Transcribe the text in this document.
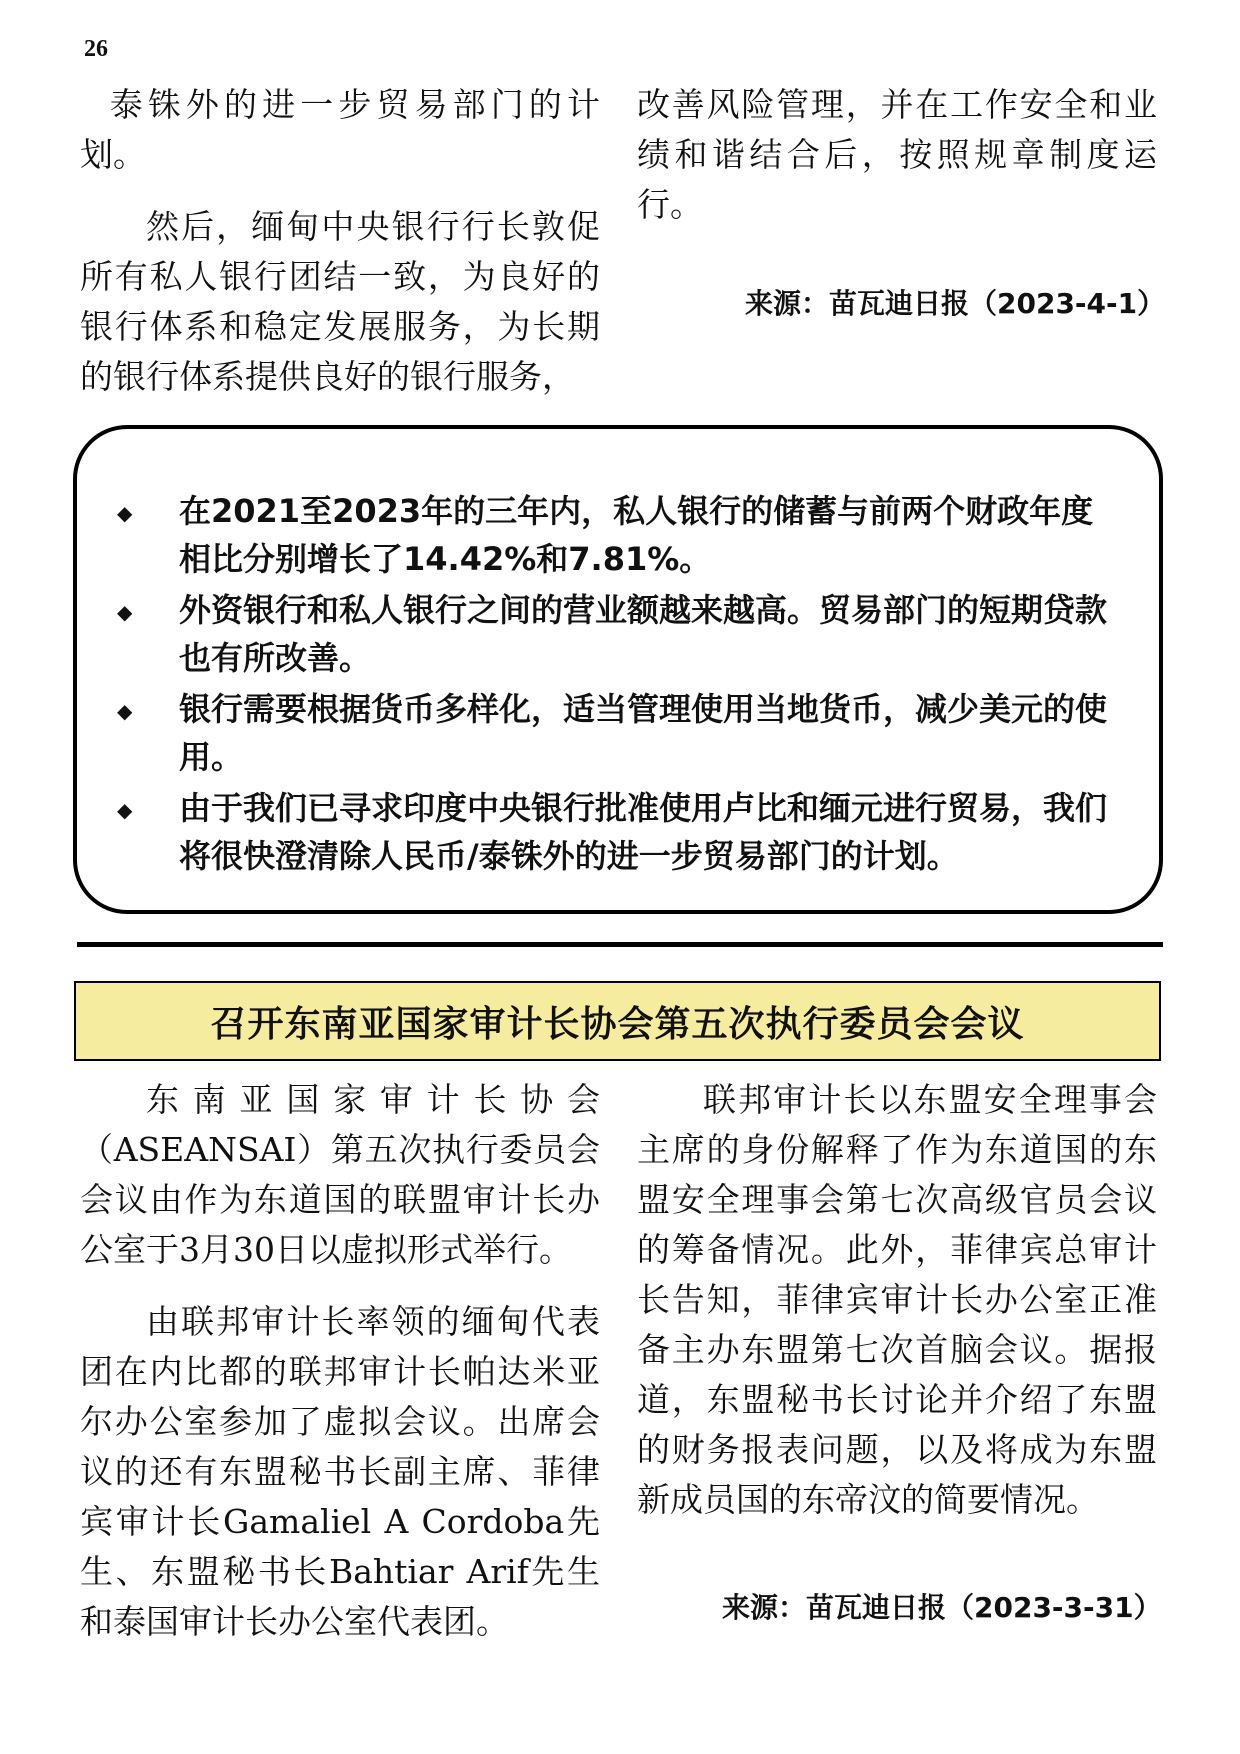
26

泰铢外的进一步贸易部门的计划。

然后，缅甸中央银行行长敦促所有私人银行团结一致，为良好的银行体系和稳定发展服务，为长期的银行体系提供良好的银行服务，

改善风险管理，并在工作安全和业绩和谐结合后，按照规章制度运行。

来源：苗瓦迪日报（2023-4-1）
◆ 在2021至2023年的三年内，私人银行的储蓄与前两个财政年度相比分别增长了14.42%和7.81%。
◆ 外资银行和私人银行之间的营业额越来越高。贸易部门的短期贷款也有所改善。
◆ 银行需要根据货币多样化，适当管理使用当地货币，减少美元的使用。
◆ 由于我们已寻求印度中央银行批准使用卢比和缅元进行贸易，我们将很快澄清除人民币/泰铢外的进一步贸易部门的计划。
召开东南亚国家审计长协会第五次执行委员会会议

东南亚国家审计长协会（ASEANSAI）第五次执行委员会会议由作为东道国的联盟审计长办公室于3月30日以虚拟形式举行。

由联邦审计长率领的缅甸代表团在内比都的联邦审计长帕达米亚尔办公室参加了虚拟会议。出席会议的还有东盟秘书长副主席、菲律宾审计长Gamaliel A Cordoba先生、东盟秘书长Bahtiar Arif先生和泰国审计长办公室代表团。

联邦审计长以东盟安全理事会主席的身份解释了作为东道国的东盟安全理事会第七次高级官员会议的筹备情况。此外，菲律宾总审计长告知，菲律宾审计长办公室正准备主办东盟第七次首脑会议。据报道，东盟秘书长讨论并介绍了东盟的财务报表问题，以及将成为东盟新成员国的东帝汶的简要情况。

来源：苗瓦迪日报（2023-3-31）
